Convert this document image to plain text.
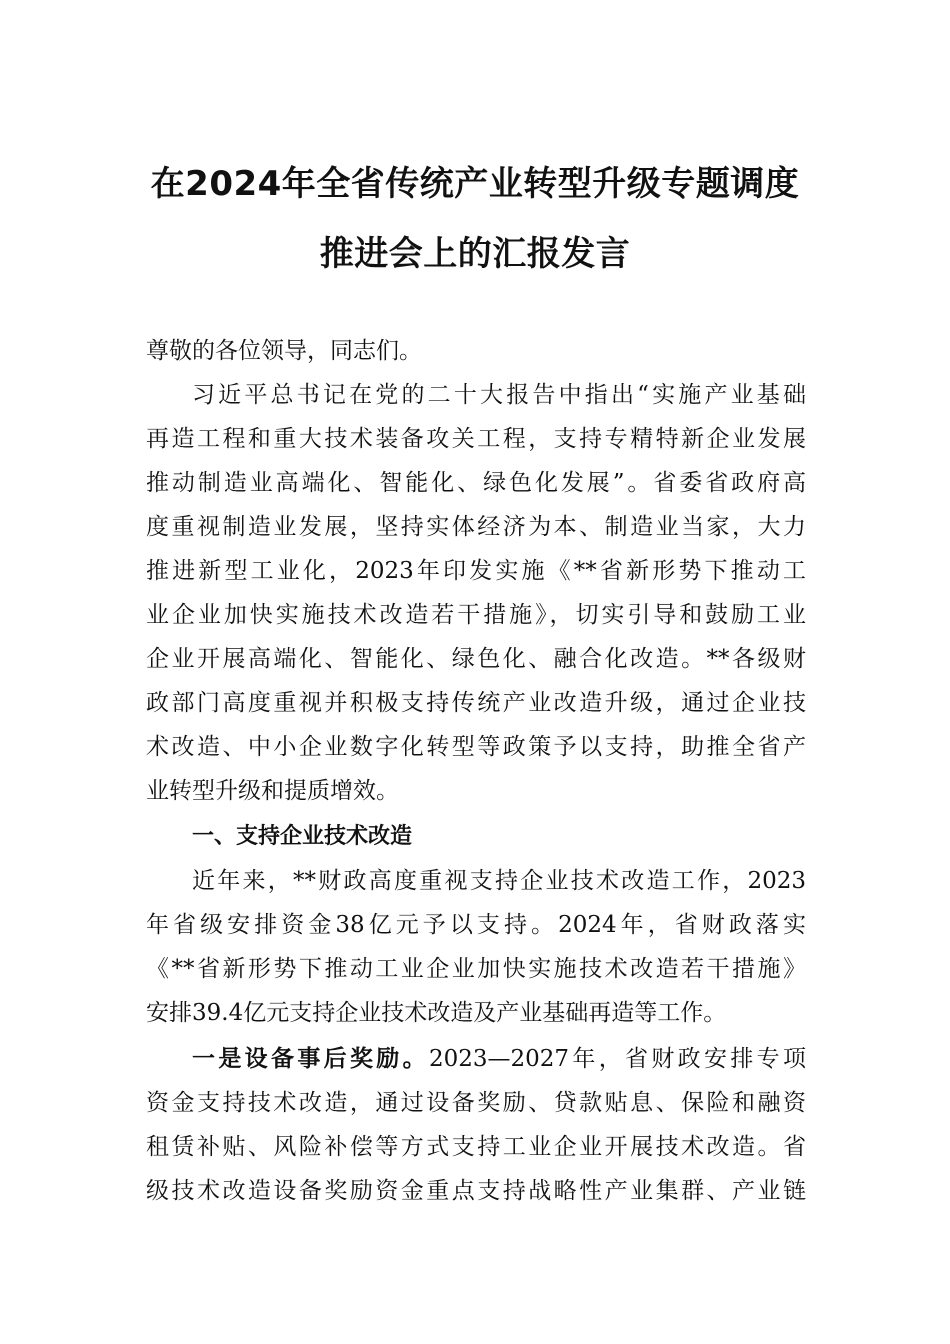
在2024年全省传统产业转型升级专题调度
推进会上的汇报发言
尊敬的各位领导，同志们。
习近平总书记在党的二十大报告中指出“实施产业基础
再造工程和重大技术装备攻关工程，支持专精特新企业发展
推动制造业高端化、智能化、绿色化发展”。省委省政府高
度重视制造业发展，坚持实体经济为本、制造业当家，大力
推进新型工业化，2023年印发实施《**省新形势下推动工
业企业加快实施技术改造若干措施》，切实引导和鼓励工业
企业开展高端化、智能化、绿色化、融合化改造。**各级财
政部门高度重视并积极支持传统产业改造升级，通过企业技
术改造、中小企业数字化转型等政策予以支持，助推全省产
业转型升级和提质增效。
一、支持企业技术改造
近年来，**财政高度重视支持企业技术改造工作，2023
年省级安排资金38亿元予以支持。2024年，省财政落实
《**省新形势下推动工业企业加快实施技术改造若干措施》
安排39.4亿元支持企业技术改造及产业基础再造等工作。
一是设备事后奖励。2023—2027年，省财政安排专项
资金支持技术改造，通过设备奖励、贷款贴息、保险和融资
租赁补贴、风险补偿等方式支持工业企业开展技术改造。省
级技术改造设备奖励资金重点支持战略性产业集群、产业链
